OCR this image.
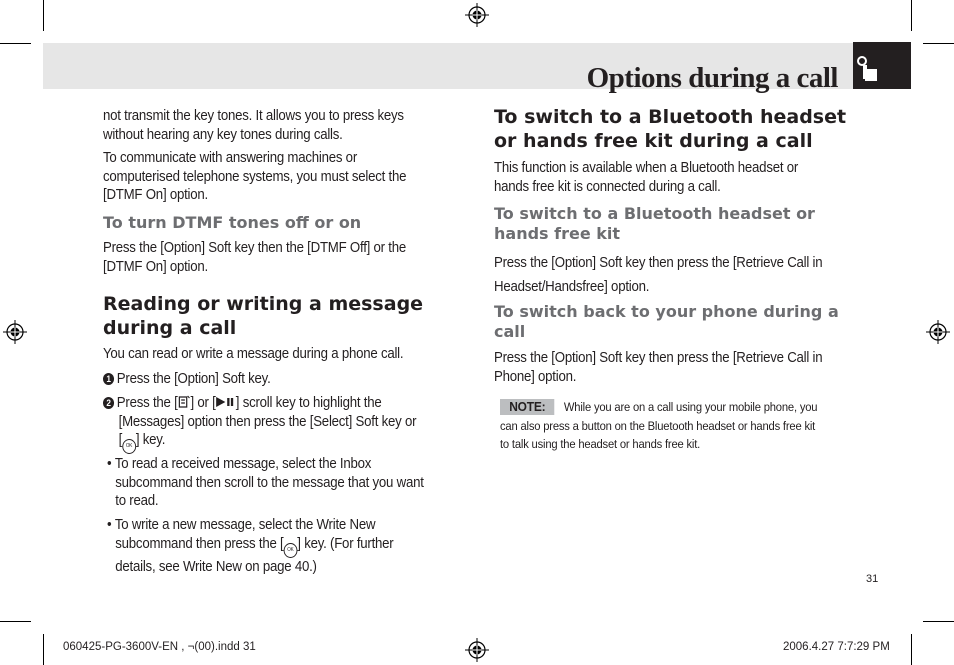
Options during a call
not transmit the key tones. It allows you to press keys without hearing any key tones during calls.
To communicate with answering machines or computerised telephone systems, you must select the [DTMF On] option.
To turn DTMF tones off or on
Press the [Option] Soft key then the [DTMF Off] or the [DTMF On] option.
Reading or writing a message
during a call
You can read or write a message during a phone call.
1 Press the [Option] Soft key.
2 Press the [ ] or [ ] scroll key to highlight the
[Messages] option then press the [Select] Soft key or
[ OK ] key.
• To read a received message, select the Inbox
subcommand then scroll to the message that you want
to read.
• To write a new message, select the Write New
subcommand then press the [ OK ] key. (For further
details, see Write New on page 40.)
To switch to a Bluetooth headset
or hands free kit during a call
This function is available when a Bluetooth headset or hands free kit is connected during a call.
To switch to a Bluetooth headset or
hands free kit
Press the [Option] Soft key then press the [Retrieve Call in
Headset/Handsfree] option.
To switch back to your phone during a
call
Press the [Option] Soft key then press the [Retrieve Call in
Phone] option.
NOTE: While you are on a call using your mobile phone, you
can also press a button on the Bluetooth headset or hands free kit
to talk using the headset or hands free kit.
31
060425-PG-3600V-EN , ¬(00).indd 31	2006.4.27 7:7:29 PM
